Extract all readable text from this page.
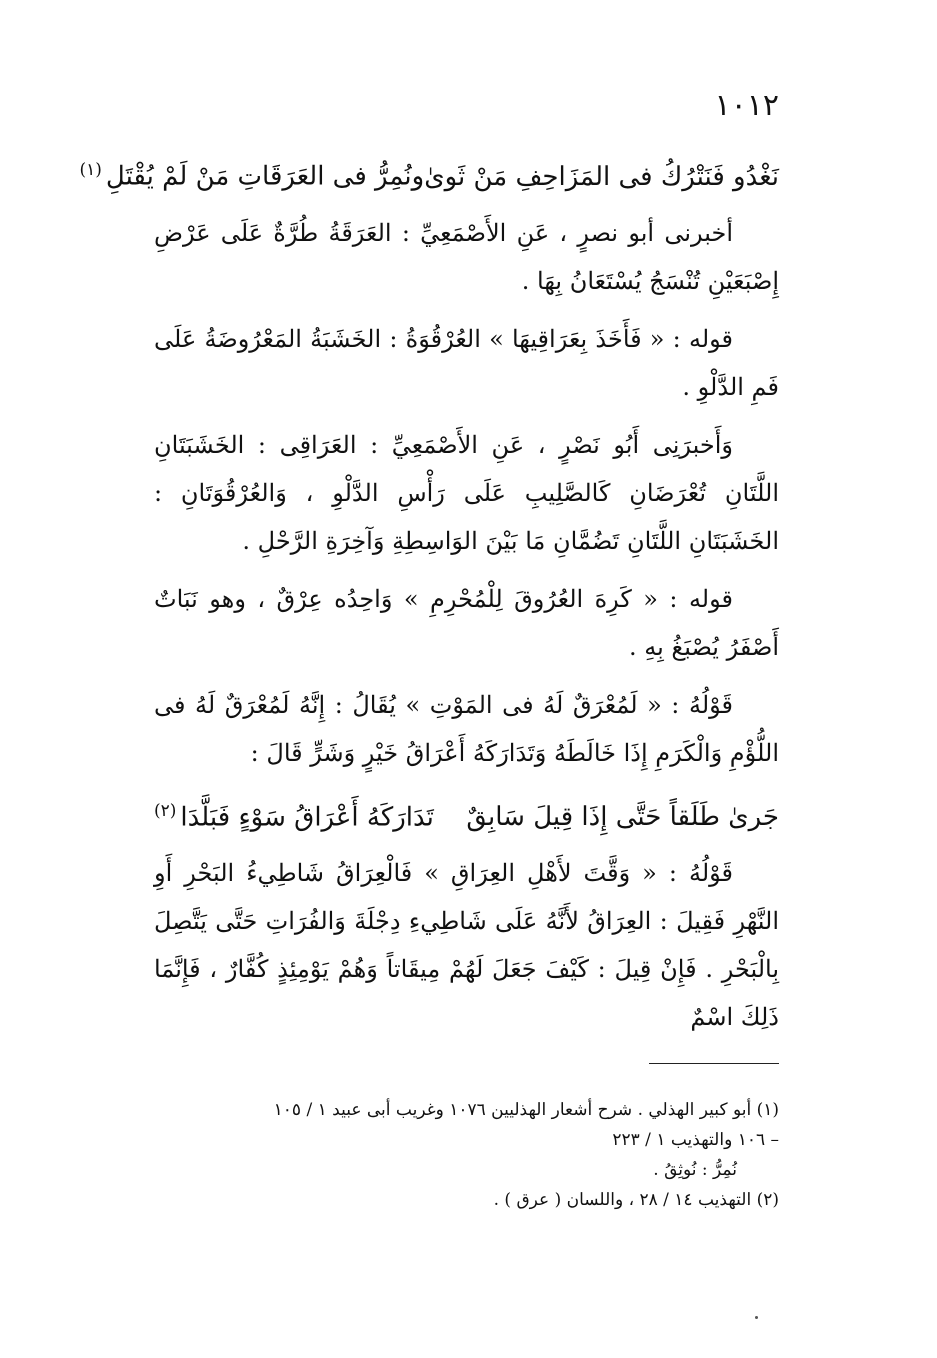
١٠١٢
نَغْدُو فَنَتْرُكُ فى المَزَاحِفِ مَنْ ثَوىٰ
ونُمِرُّ فى العَرَقَاتِ مَنْ لَمْ يُقْتَلِ$^{(١)}$

أخبرنى أبو نصرٍ ، عَنِ الأَصْمَعِيِّ : العَرَقَةُ طُرَّةٌ عَلَى عَرْضِ إِصْبَعَيْنِ تُنْسَجُ يُسْتَعَانُ بِهَا .

قوله : « فَأَخَذَ بِعَرَاقِيهَا » العُرْقُوَةُ : الخَشَبَةُ المَعْرُوضَةُ عَلَى فَمِ الدَّلْوِ .

وَأَخبرَنِى أَبُو نَصْرٍ ، عَنِ الأَصْمَعِيِّ : العَرَاقِى : الخَشَبَتَانِ اللَّتَانِ تُعْرَضَانِ كَالصَّلِيبِ عَلَى رَأْسِ الدَّلْوِ ، وَالعُرْقُوَتَانِ : الخَشَبَتَانِ اللَّتَانِ تَضُمَّانِ مَا بَيْنَ الوَاسِطِةِ وَآخِرَةِ الرَّحْلِ .

قوله : « كَرِهَ العُرُوقَ لِلْمُحْرِمِ » وَاحِدُه عِرْقٌ ، وهو نَبَاتٌ أَصْفَرُ يُصْبَغُ بِهِ .

قَوْلُهُ : « لَمُعْرَقٌ لَهُ فى المَوْتِ » يُقَالُ : إِنَّهُ لَمُعْرَقٌ لَهُ فى اللُّؤْمِ وَالْكَرَمِ إِذَا خَالَطَهُ وَتَدَارَكَهُ أَعْرَاقُ خَيْرٍ وَشَرٍّ قَالَ :

جَرىٰ طَلَقاً حَتَّى إِذَا قِيلَ سَابِقٌ
تَدَارَكَهُ أَعْرَاقُ سَوْءٍ فَبَلَّدَا$^{(٢)}$

قَوْلُهُ : « وَقَّتَ لأَهْلِ العِرَاقِ » فَالْعِرَاقُ شَاطِيءُ البَحْرِ أَوِ النَّهْرِ فَقِيلَ : العِرَاقُ لأَنَّهُ عَلَى شَاطِيءِ دِجْلَةَ وَالفُرَاتِ حَتَّى يَتَّصِلَ بِالْبَحْرِ . فَإِنْ قِيلَ : كَيْفَ جَعَلَ لَهُمْ مِيقَاتاً وَهُمْ يَوْمِئِذٍ كُفَّارٌ ، فَإِنَّمَا ذَلِكَ اسْمٌ

(١) أبو كبير الهذلي . شرح أشعار الهذليين ١٠٧٦ وغريب أبى عبيد ١ / ١٠٥

– ١٠٦ والتهذيب ١ / ٢٢٣

نُمِرُّ : نُوثِقُ .

(٢) التهذيب ١٤ / ٢٨ ، واللسان ( عرق ) .
